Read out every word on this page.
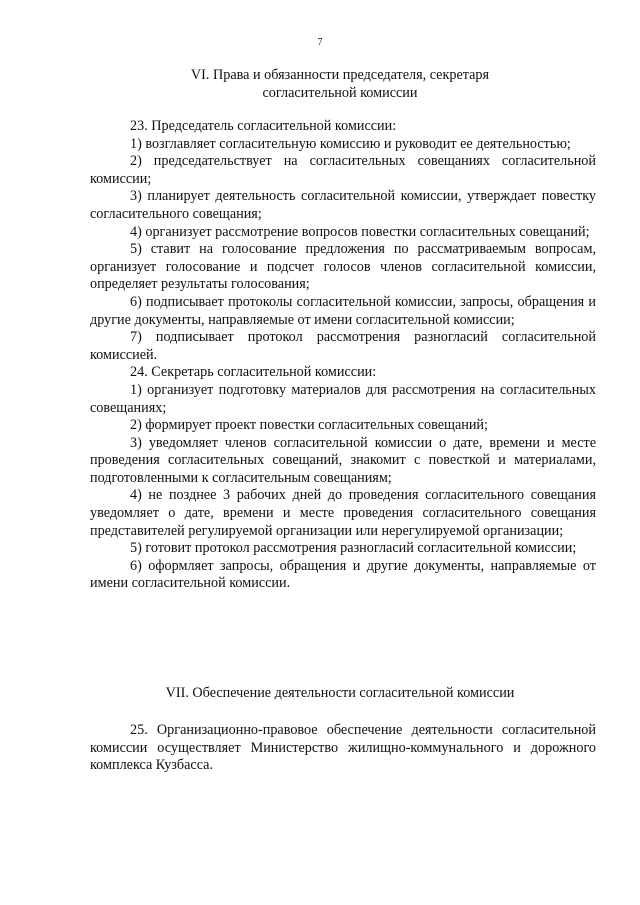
7
VI. Права и обязанности председателя, секретаря
согласительной комиссии

23. Председатель согласительной комиссии:

1) возглавляет согласительную комиссию и руководит ее деятельностью;

2) председательствует на согласительных совещаниях согласительной комиссии;

3) планирует деятельность согласительной комиссии, утверждает повестку согласительного совещания;

4) организует рассмотрение вопросов повестки согласительных совещаний;

5) ставит на голосование предложения по рассматриваемым вопросам, организует голосование и подсчет голосов членов согласительной комиссии, определяет результаты голосования;

6) подписывает протоколы согласительной комиссии, запросы, обращения и другие документы, направляемые от имени согласительной комиссии;

7) подписывает протокол рассмотрения разногласий согласительной комиссией.

24. Секретарь согласительной комиссии:

1) организует подготовку материалов для рассмотрения на согласительных совещаниях;

2) формирует проект повестки согласительных совещаний;

3) уведомляет членов согласительной комиссии о дате, времени и месте проведения согласительных совещаний, знакомит с повесткой и материалами, подготовленными к согласительным совещаниям;

4) не позднее 3 рабочих дней до проведения согласительного совещания уведомляет о дате, времени и месте проведения согласительного совещания представителей регулируемой организации или нерегулируемой организации;

5) готовит протокол рассмотрения разногласий согласительной комиссии;

6) оформляет запросы, обращения и другие документы, направляемые от имени согласительной комиссии.

VII. Обеспечение деятельности согласительной комиссии

25. Организационно-правовое обеспечение деятельности согласительной комиссии осуществляет Министерство жилищно-коммунального и дорожного комплекса Кузбасса.
